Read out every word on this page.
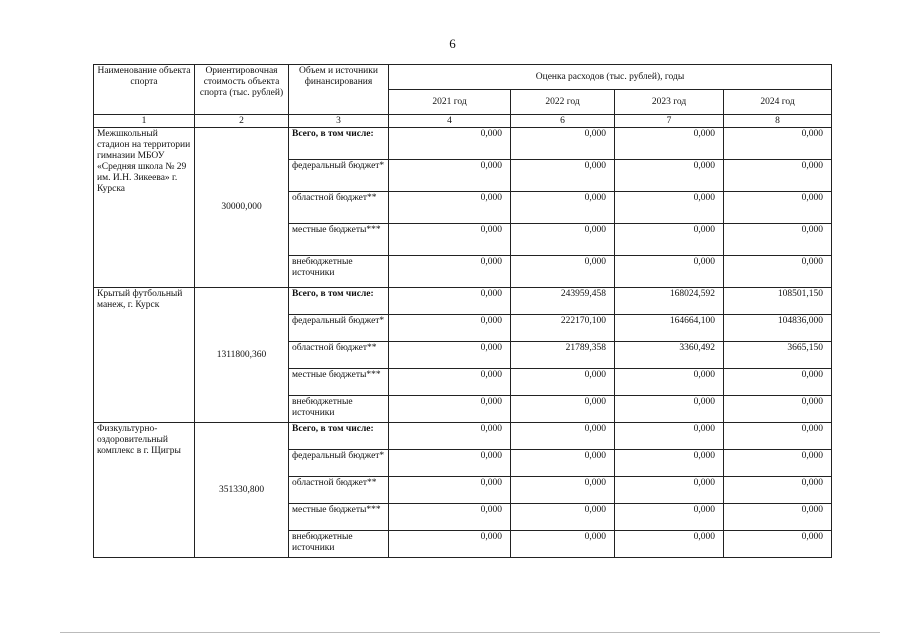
6
Наименование объекта спорта	Ориентировочная стоимость объекта спорта (тыс. рублей)	Объем и источники финансирования	Оценка расходов (тыс. рублей), годы			
			2021 год	2022 год	2023 год	2024 год
1	2	3	4	6	7	8
Межшкольный стадион на территории гимназии МБОУ «Средняя школа № 29 им. И.Н. Зикеева» г. Курска	30000,000	Всего, в том числе:	0,000	0,000	0,000	0,000
		федеральный бюджет*	0,000	0,000	0,000	0,000
		областной бюджет**	0,000	0,000	0,000	0,000
		местные бюджеты***	0,000	0,000	0,000	0,000
		внебюджетные источники	0,000	0,000	0,000	0,000
Крытый футбольный манеж, г. Курск	1311800,360	Всего, в том числе:	0,000	243959,458	168024,592	108501,150
		федеральный бюджет*	0,000	222170,100	164664,100	104836,000
		областной бюджет**	0,000	21789,358	3360,492	3665,150
		местные бюджеты***	0,000	0,000	0,000	0,000
		внебюджетные источники	0,000	0,000	0,000	0,000
Физкультурно-оздоровительный комплекс в г. Щигры	351330,800	Всего, в том числе:	0,000	0,000	0,000	0,000
		федеральный бюджет*	0,000	0,000	0,000	0,000
		областной бюджет**	0,000	0,000	0,000	0,000
		местные бюджеты***	0,000	0,000	0,000	0,000
		внебюджетные источники	0,000	0,000	0,000	0,000
